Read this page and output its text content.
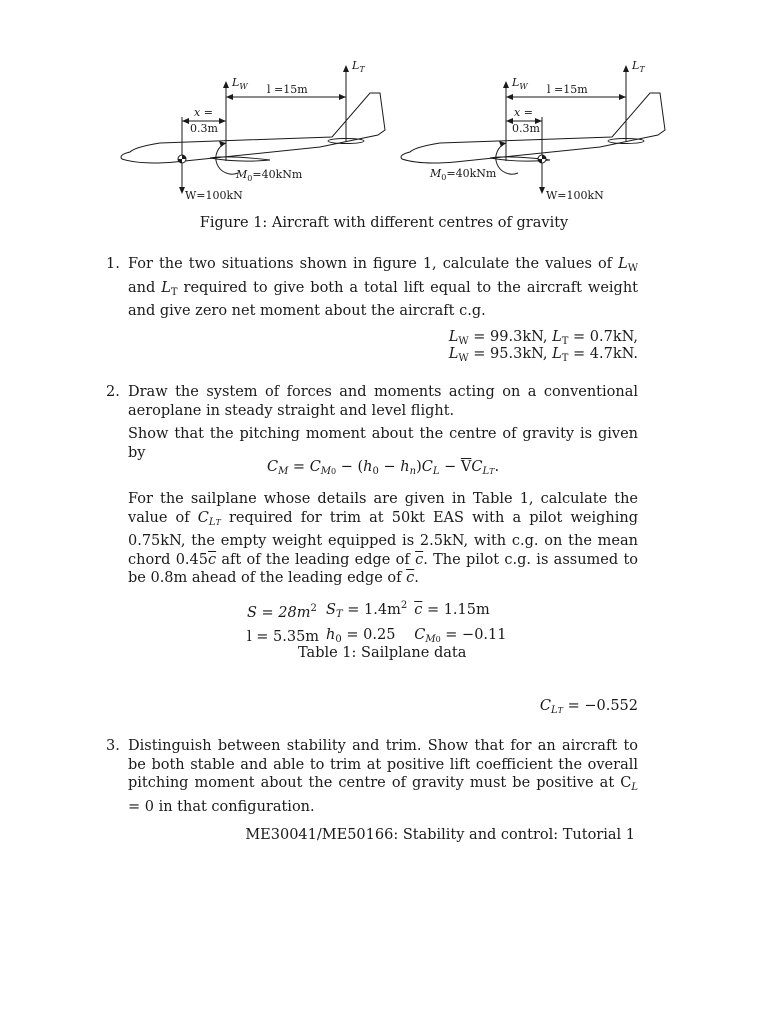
$L_W$
$L_T$
l =15m
x =
0.3m
$M_0=40kNm$
W=100kN
$L_W$
$L_T$
l =15m
x =
0.3m
$M_0=40kNm$
W=100kN
Figure 1: Aircraft with different centres of gravity
1. For the two situations shown in figure 1, calculate the values of $L_W$ and $L_T$ required to give both a total lift equal to the aircraft weight and give zero net moment about the aircraft c.g.
$L_W = 99.3kN$, $L_T = 0.7kN$,
$L_W = 95.3kN$, $L_T = 4.7kN$.
2. Draw the system of forces and moments acting on a conventional aeroplane in steady straight and level flight.
Show that the pitching moment about the centre of gravity is given by
$C_M = C_{M0} - (h_0 - h_n)C_L - \overline{V}C_{LT}$.
For the sailplane whose details are given in Table 1, calculate the value of $C_{LT}$ required for trim at 50kt EAS with a pilot weighing 0.75kN, the empty weight equipped is 2.5kN, with c.g. on the mean chord $0.45\overline{c}$ aft of the leading edge of $\overline{c}$. The pilot c.g. is assumed to be 0.8m ahead of the leading edge of $\overline{c}$.
$S = 28m^2$	$S_T = 1.4m^2$	$\overline{c} = 1.15m$
l = 5.35m	$h_0 = 0.25$	$C_{M0} = -0.11$
Table 1: Sailplane data
$C_{LT} = -0.552$
3. Distinguish between stability and trim. Show that for an aircraft to be both stable and able to trim at positive lift coefficient the overall pitching moment about the centre of gravity must be positive at $C_L = 0$ in that configuration.
ME30041/ME50166: Stability and control: Tutorial 1
